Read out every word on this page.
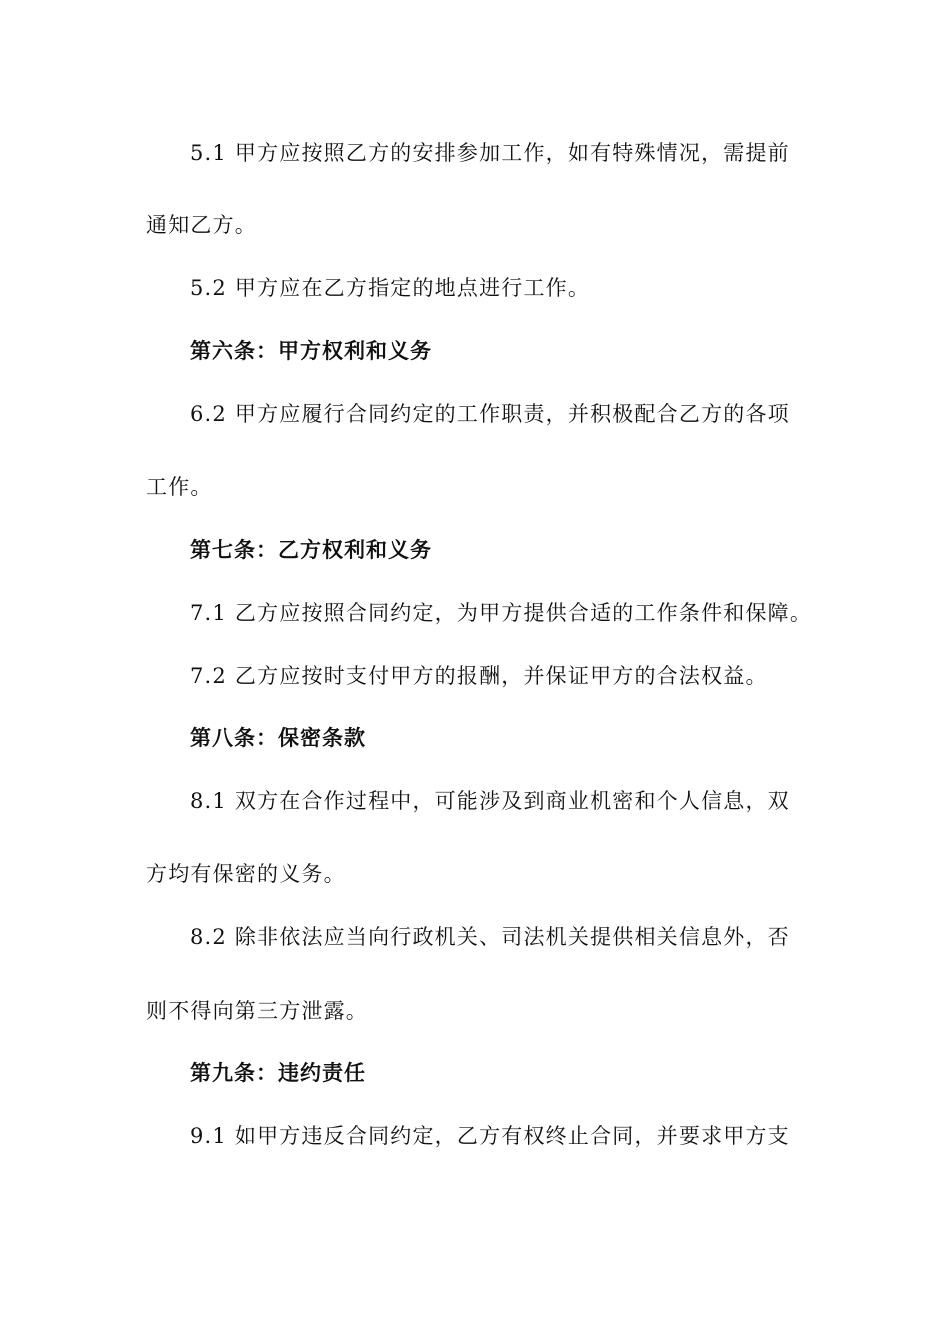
5.1 甲方应按照乙方的安排参加工作，如有特殊情况，需提前
通知乙方。
5.2 甲方应在乙方指定的地点进行工作。
第六条：甲方权利和义务
6.2 甲方应履行合同约定的工作职责，并积极配合乙方的各项
工作。
第七条：乙方权利和义务
7.1 乙方应按照合同约定，为甲方提供合适的工作条件和保障。
7.2 乙方应按时支付甲方的报酬，并保证甲方的合法权益。
第八条：保密条款
8.1 双方在合作过程中，可能涉及到商业机密和个人信息，双
方均有保密的义务。
8.2 除非依法应当向行政机关、司法机关提供相关信息外，否
则不得向第三方泄露。
第九条：违约责任
9.1 如甲方违反合同约定，乙方有权终止合同，并要求甲方支
